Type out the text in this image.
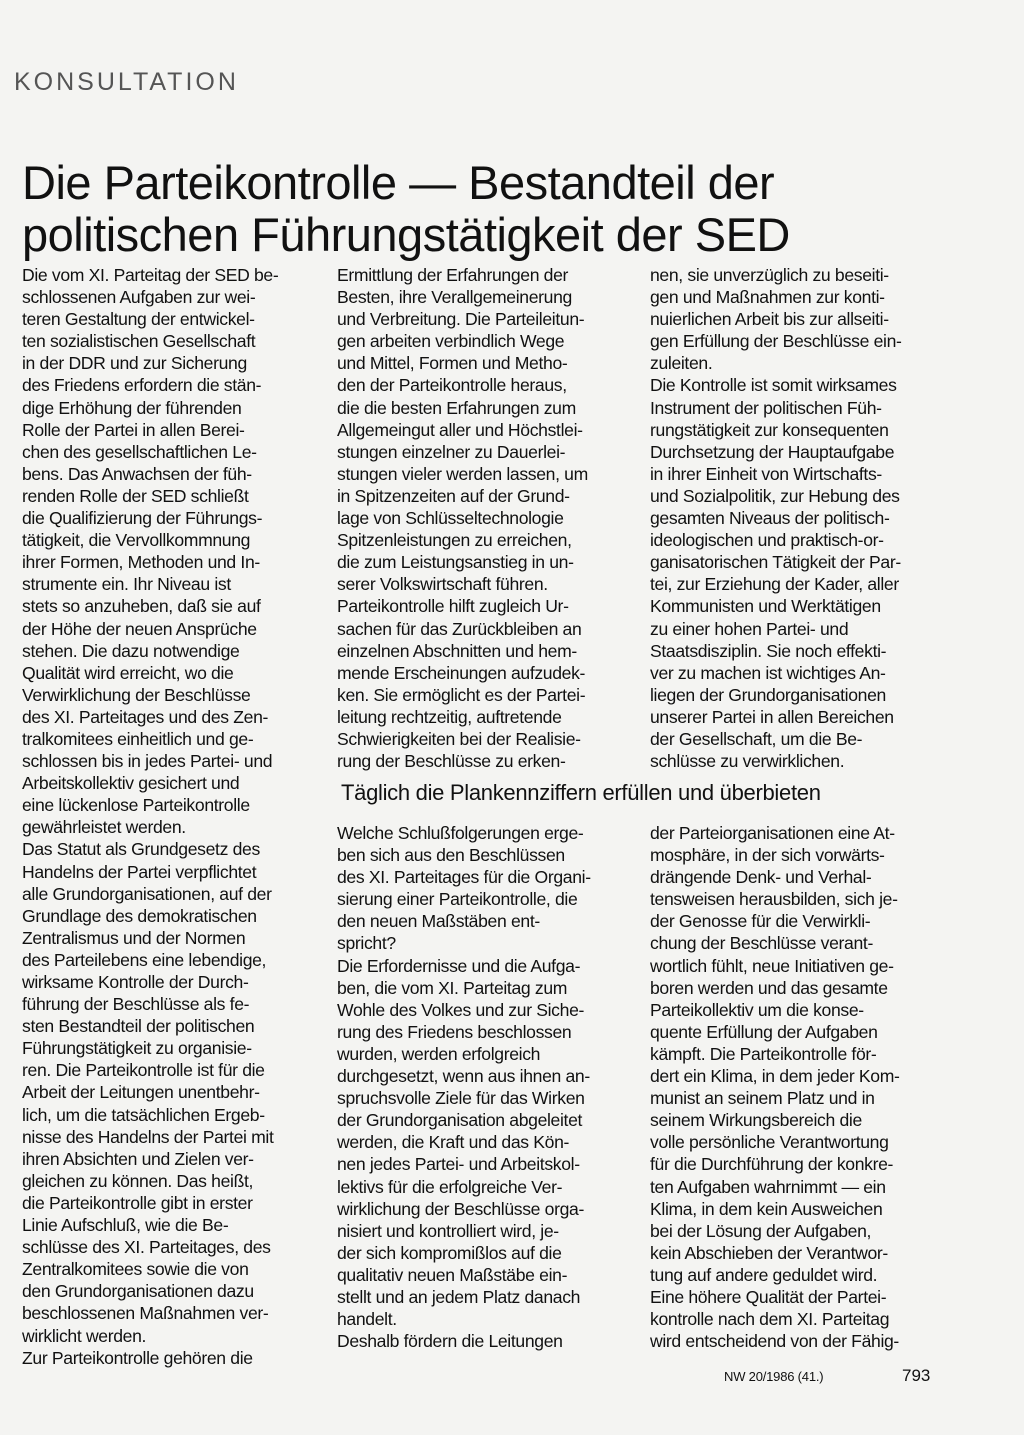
KONSULTATION
Die Parteikontrolle — Bestandteil der
politischen Führungstätigkeit der SED

Die vom XI. Parteitag der SED be-

schlossenen Aufgaben zur wei-

teren Gestaltung der entwickel-

ten sozialistischen Gesellschaft

in der DDR und zur Sicherung

des Friedens erfordern die stän-

dige Erhöhung der führenden

Rolle der Partei in allen Berei-

chen des gesellschaftlichen Le-

bens. Das Anwachsen der füh-

renden Rolle der SED schließt

die Qualifizierung der Führungs-

tätigkeit, die Vervollkommnung

ihrer Formen, Methoden und In-

strumente ein. Ihr Niveau ist

stets so anzuheben, daß sie auf

der Höhe der neuen Ansprüche

stehen. Die dazu notwendige

Qualität wird erreicht, wo die

Verwirklichung der Beschlüsse

des XI. Parteitages und des Zen-

tralkomitees einheitlich und ge-

schlossen bis in jedes Partei- und

Arbeitskollektiv gesichert und

eine lückenlose Parteikontrolle

gewährleistet werden.

Das Statut als Grundgesetz des

Handelns der Partei verpflichtet

alle Grundorganisationen, auf der

Grundlage des demokratischen

Zentralismus und der Normen

des Parteilebens eine lebendige,

wirksame Kontrolle der Durch-

führung der Beschlüsse als fe-

sten Bestandteil der politischen

Führungstätigkeit zu organisie-

ren. Die Parteikontrolle ist für die

Arbeit der Leitungen unentbehr-

lich, um die tatsächlichen Ergeb-

nisse des Handelns der Partei mit

ihren Absichten und Zielen ver-

gleichen zu können. Das heißt,

die Parteikontrolle gibt in erster

Linie Aufschluß, wie die Be-

schlüsse des XI. Parteitages, des

Zentralkomitees sowie die von

den Grundorganisationen dazu

beschlossenen Maßnahmen ver-

wirklicht werden.

Zur Parteikontrolle gehören die

Ermittlung der Erfahrungen der

Besten, ihre Verallgemeinerung

und Verbreitung. Die Parteileitun-

gen arbeiten verbindlich Wege

und Mittel, Formen und Metho-

den der Parteikontrolle heraus,

die die besten Erfahrungen zum

Allgemeingut aller und Höchstlei-

stungen einzelner zu Dauerlei-

stungen vieler werden lassen, um

in Spitzenzeiten auf der Grund-

lage von Schlüsseltechnologie

Spitzenleistungen zu erreichen,

die zum Leistungsanstieg in un-

serer Volkswirtschaft führen.

Parteikontrolle hilft zugleich Ur-

sachen für das Zurückbleiben an

einzelnen Abschnitten und hem-

mende Erscheinungen aufzudek-

ken. Sie ermöglicht es der Partei-

leitung rechtzeitig, auftretende

Schwierigkeiten bei der Realisie-

rung der Beschlüsse zu erken-

nen, sie unverzüglich zu beseiti-

gen und Maßnahmen zur konti-

nuierlichen Arbeit bis zur allseiti-

gen Erfüllung der Beschlüsse ein-

zuleiten.

Die Kontrolle ist somit wirksames

Instrument der politischen Füh-

rungstätigkeit zur konsequenten

Durchsetzung der Hauptaufgabe

in ihrer Einheit von Wirtschafts-

und Sozialpolitik, zur Hebung des

gesamten Niveaus der politisch-

ideologischen und praktisch-or-

ganisatorischen Tätigkeit der Par-

tei, zur Erziehung der Kader, aller

Kommunisten und Werktätigen

zu einer hohen Partei- und

Staatsdisziplin. Sie noch effekti-

ver zu machen ist wichtiges An-

liegen der Grundorganisationen

unserer Partei in allen Bereichen

der Gesellschaft, um die Be-

schlüsse zu verwirklichen.

Täglich die Plankennziffern erfüllen und überbieten

Welche Schlußfolgerungen erge-

ben sich aus den Beschlüssen

des XI. Parteitages für die Organi-

sierung einer Parteikontrolle, die

den neuen Maßstäben ent-

spricht?

Die Erfordernisse und die Aufga-

ben, die vom XI. Parteitag zum

Wohle des Volkes und zur Siche-

rung des Friedens beschlossen

wurden, werden erfolgreich

durchgesetzt, wenn aus ihnen an-

spruchsvolle Ziele für das Wirken

der Grundorganisation abgeleitet

werden, die Kraft und das Kön-

nen jedes Partei- und Arbeitskol-

lektivs für die erfolgreiche Ver-

wirklichung der Beschlüsse orga-

nisiert und kontrolliert wird, je-

der sich kompromißlos auf die

qualitativ neuen Maßstäbe ein-

stellt und an jedem Platz danach

handelt.

Deshalb fördern die Leitungen

der Parteiorganisationen eine At-

mosphäre, in der sich vorwärts-

drängende Denk- und Verhal-

tensweisen herausbilden, sich je-

der Genosse für die Verwirkli-

chung der Beschlüsse verant-

wortlich fühlt, neue Initiativen ge-

boren werden und das gesamte

Parteikollektiv um die konse-

quente Erfüllung der Aufgaben

kämpft. Die Parteikontrolle för-

dert ein Klima, in dem jeder Kom-

munist an seinem Platz und in

seinem Wirkungsbereich die

volle persönliche Verantwortung

für die Durchführung der konkre-

ten Aufgaben wahrnimmt — ein

Klima, in dem kein Ausweichen

bei der Lösung der Aufgaben,

kein Abschieben der Verantwor-

tung auf andere geduldet wird.

Eine höhere Qualität der Partei-

kontrolle nach dem XI. Parteitag

wird entscheidend von der Fähig-

NW 20/1986 (41.)	793
